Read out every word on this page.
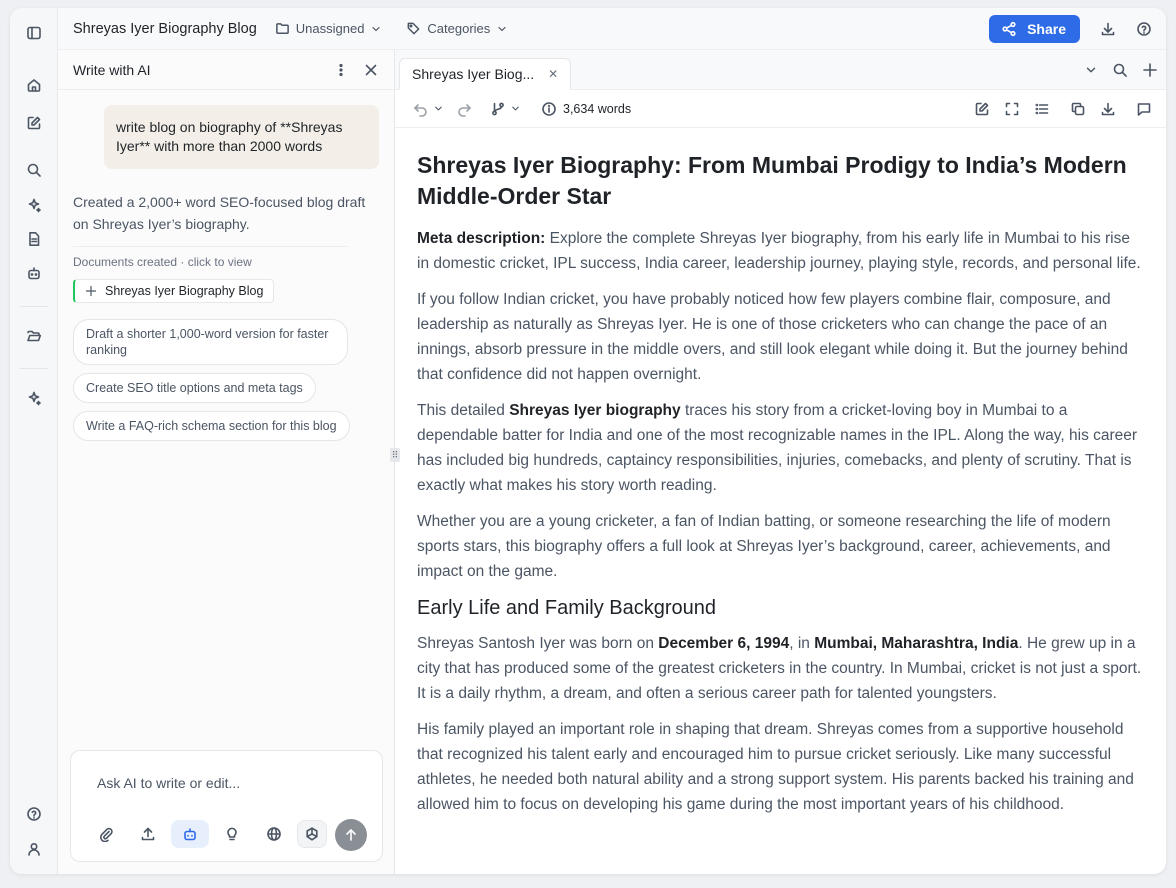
Shreyas Iyer Biography Blog	Unassigned	Categories	Share
Write with AI
write blog on biography of **Shreyas Iyer** with more than 2000 words
Created a 2,000+ word SEO-focused blog draft on Shreyas Iyer’s biography.
Documents created · click to view
Shreyas Iyer Biography Blog
Draft a shorter 1,000-word version for faster ranking
Create SEO title options and meta tags
Write a FAQ-rich schema section for this blog
Ask AI to write or edit...
⠿
Shreyas Iyer Biog... ✕
3,634 words
Shreyas Iyer Biography: From Mumbai Prodigy to India’s Modern Middle-Order Star

Meta description: Explore the complete Shreyas Iyer biography, from his early life in Mumbai to his rise in domestic cricket, IPL success, India career, leadership journey, playing style, records, and personal life.

If you follow Indian cricket, you have probably noticed how few players combine flair, composure, and leadership as naturally as Shreyas Iyer. He is one of those cricketers who can change the pace of an innings, absorb pressure in the middle overs, and still look elegant while doing it. But the journey behind that confidence did not happen overnight.

This detailed Shreyas Iyer biography traces his story from a cricket-loving boy in Mumbai to a dependable batter for India and one of the most recognizable names in the IPL. Along the way, his career has included big hundreds, captaincy responsibilities, injuries, comebacks, and plenty of scrutiny. That is exactly what makes his story worth reading.

Whether you are a young cricketer, a fan of Indian batting, or someone researching the life of modern sports stars, this biography offers a full look at Shreyas Iyer’s background, career, achievements, and impact on the game.

Early Life and Family Background

Shreyas Santosh Iyer was born on December 6, 1994, in Mumbai, Maharashtra, India. He grew up in a city that has produced some of the greatest cricketers in the country. In Mumbai, cricket is not just a sport. It is a daily rhythm, a dream, and often a serious career path for talented youngsters.

His family played an important role in shaping that dream. Shreyas comes from a supportive household that recognized his talent early and encouraged him to pursue cricket seriously. Like many successful athletes, he needed both natural ability and a strong support system. His parents backed his training and allowed him to focus on developing his game during the most important years of his childhood.
